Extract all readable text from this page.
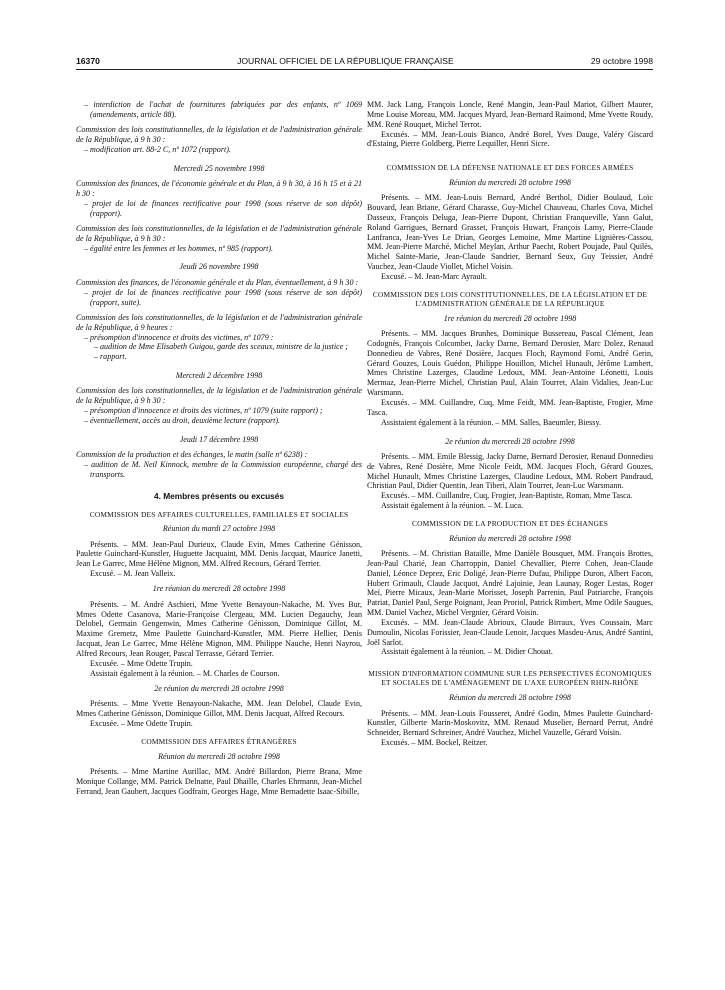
16370	JOURNAL OFFICIEL DE LA RÉPUBLIQUE FRANÇAISE	29 octobre 1998

– interdiction de l'achat de fournitures fabriquées par des enfants, nº 1069 (amendements, article 88).

Commission des lois constitutionnelles, de la législation et de l'administration générale de la République, à 9 h 30 :

– modification art. 88-2 C, nº 1072 (rapport).

Mercredi 25 novembre 1998

Commission des finances, de l'économie générale et du Plan, à 9 h 30, à 16 h 15 et à 21 h 30 :

– projet de loi de finances rectificative pour 1998 (sous réserve de son dépôt) (rapport).

Commission des lois constitutionnelles, de la législation et de l'administration générale de la République, à 9 h 30 :

– égalité entre les femmes et les hommes, nº 985 (rapport).

Jeudi 26 novembre 1998

Commission des finances, de l'économie générale et du Plan, éventuellement, à 9 h 30 :

– projet de loi de finances rectificative pour 1998 (sous réserve de son dépôt) (rapport, suite).

Commission des lois constitutionnelles, de la législation et de l'administration générale de la République, à 9 heures :

– présomption d'innocence et droits des victimes, nº 1079 :

– audition de Mme Elisabeth Guigou, garde des sceaux, ministre de la justice ;

– rapport.

Mercredi 2 décembre 1998

Commission des lois constitutionnelles, de la législation et de l'administration générale de la République, à 9 h 30 :

– présomption d'innocence et droits des victimes, nº 1079 (suite rapport) ;

– éventuellement, accès au droit, deuxième lecture (rapport).

Jeudi 17 décembre 1998

Commission de la production et des échanges, le matin (salle nº 6238) :

– audition de M. Neil Kinnock, membre de la Commission européenne, chargé des transports.

4. Membres présents ou excusés

COMMISSION DES AFFAIRES CULTURELLES, FAMILIALES ET SOCIALES

Réunion du mardi 27 octobre 1998

Présents. – MM. Jean-Paul Durieux, Claude Evin, Mmes Catherine Génisson, Paulette Guinchard-Kunstler, Huguette Jacquaint, MM. Denis Jacquat, Maurice Janetti, Jean Le Garrec, Mme Hélène Mignon, MM. Alfred Recours, Gérard Terrier.

Excusé. – M. Jean Valleix.

1re réunion du mercredi 28 octobre 1998

Présents. – M. André Aschieri, Mme Yvette Benayoun-Nakache, M. Yves Bur, Mmes Odette Casanova, Marie-Françoise Clergeau, MM. Lucien Degauchy, Jean Delobel, Germain Gengenwin, Mmes Catherine Génisson, Dominique Gillot, M. Maxime Gremetz, Mme Paulette Guinchard-Kunstler, MM. Pierre Hellier, Denis Jacquat, Jean Le Garrec, Mme Hélène Mignon, MM. Philippe Nauche, Henri Nayrou, Alfred Recours, Jean Rouger, Pascal Terrasse, Gérard Terrier.

Excusée. – Mme Odette Trupin.

Assistait également à la réunion. – M. Charles de Courson.

2e réunion du mercredi 28 octobre 1998

Présents. – Mme Yvette Benayoun-Nakache, MM. Jean Delobel, Claude Evin, Mmes Catherine Génisson, Dominique Gillot, MM. Denis Jacquat, Alfred Recours.

Excusée. – Mme Odette Trupin.

COMMISSION DES AFFAIRES ÉTRANGÈRES

Réunion du mercredi 28 octobre 1998

Présents. – Mme Martine Aurillac, MM. André Billardon, Pierre Brana, Mme Monique Collange, MM. Patrick Delnatte, Paul Dhaille, Charles Ehrmann, Jean-Michel Ferrand, Jean Gaubert, Jacques Godfrain, Georges Hage, Mme Bernadette Isaac-Sibille,

MM. Jack Lang, François Loncle, René Mangin, Jean-Paul Mariot, Gilbert Maurer, Mme Louise Moreau, MM. Jacques Myard, Jean-Bernard Raimond, Mme Yvette Roudy, MM. René Rouquet, Michel Terrot.

Excusés. – MM. Jean-Louis Bianco, André Borel, Yves Dauge, Valéry Giscard d'Estaing, Pierre Goldberg, Pierre Lequiller, Henri Sicre.

COMMISSION DE LA DÉFENSE NATIONALE ET DES FORCES ARMÉES

Réunion du mercredi 28 octobre 1998

Présents. – MM. Jean-Louis Bernard, André Berthol, Didier Boulaud, Loïc Bouvard, Jean Briane, Gérard Charasse, Guy-Michel Chauveau, Charles Cova, Michel Dasseux, François Deluga, Jean-Pierre Dupont, Christian Franqueville, Yann Galut, Roland Garrigues, Bernard Grasset, François Huwart, François Lamy, Pierre-Claude Lanfranca, Jean-Yves Le Drian, Georges Lemoine, Mme Martine Lignières-Cassou, MM. Jean-Pierre Marché, Michel Meylan, Arthur Paecht, Robert Poujade, Paul Quilès, Michel Sainte-Marie, Jean-Claude Sandrier, Bernard Seux, Guy Teissier, André Vauchez, Jean-Claude Viollet, Michel Voisin.

Excusé. – M. Jean-Marc Ayrault.

COMMISSION DES LOIS CONSTITUTIONNELLES, DE LA LÉGISLATION ET DE L'ADMINISTRATION GÉNÉRALE DE LA RÉPUBLIQUE

1re réunion du mercredi 28 octobre 1998

Présents. – MM. Jacques Brunhes, Dominique Bussereau, Pascal Clément, Jean Codognès, François Colcombet, Jacky Darne, Bernard Derosier, Marc Dolez, Renaud Donnedieu de Vabres, René Dosière, Jacques Floch, Raymond Forni, André Gerin, Gérard Gouzes, Louis Guédon, Philippe Houillon, Michel Hunault, Jérôme Lambert, Mmes Christine Lazerges, Claudine Ledoux, MM. Jean-Antoine Léonetti, Louis Mermaz, Jean-Pierre Michel, Christian Paul, Alain Tourret, Alain Vidalies, Jean-Luc Warsmann.

Excusés. – MM. Cuillandre, Cuq, Mme Feidt, MM. Jean-Baptiste, Frogier, Mme Tasca.

Assistaient également à la réunion. – MM. Salles, Baeumler, Biessy.

2e réunion du mercredi 28 octobre 1998

Présents. – MM. Emile Blessig, Jacky Darne, Bernard Derosier, Renaud Donnedieu de Vabres, René Dosière, Mme Nicole Feidt, MM. Jacques Floch, Gérard Gouzes, Michel Hunault, Mmes Christine Lazerges, Claudine Ledoux, MM. Robert Pandraud, Christian Paul, Didier Quentin, Jean Tiberi, Alain Tourret, Jean-Luc Warsmann.

Excusés. – MM. Cuillandre, Cuq, Frogier, Jean-Baptiste, Roman, Mme Tasca.

Assistait également à la réunion. – M. Luca.

COMMISSION DE LA PRODUCTION ET DES ÉCHANGES

Réunion du mercredi 28 octobre 1998

Présents. – M. Christian Bataille, Mme Danièle Bousquet, MM. François Brottes, Jean-Paul Charié, Jean Charroppin, Daniel Chevallier, Pierre Cohen, Jean-Claude Daniel, Léonce Deprez, Eric Doligé, Jean-Pierre Dufau, Philippe Duron, Albert Facon, Hubert Grimault, Claude Jacquot, André Lajoinie, Jean Launay, Roger Lestas, Roger Meï, Pierre Micaux, Jean-Marie Morisset, Joseph Parrenin, Paul Patriarche, François Patriat, Daniel Paul, Serge Poignant, Jean Proriol, Patrick Rimbert, Mme Odile Saugues, MM. Daniel Vachez, Michel Vergnier, Gérard Voisin.

Excusés. – MM. Jean-Claude Abrioux, Claude Birraux, Yves Coussain, Marc Dumoulin, Nicolas Forissier, Jean-Claude Lenoir, Jacques Masdeu-Arus, André Santini, Joël Sarlot.

Assistait également à la réunion. – M. Didier Chouat.

MISSION D'INFORMATION COMMUNE SUR LES PERSPECTIVES ÉCONOMIQUES ET SOCIALES DE L'AMÉNAGEMENT DE L'AXE EUROPÉEN RHIN-RHÔNE

Réunion du mercredi 28 octobre 1998

Présents. – MM. Jean-Louis Fousseret, André Godin, Mmes Paulette Guinchard-Kunstler, Gilberte Marin-Moskovitz, MM. Renaud Muselier, Bernard Perrut, André Schneider, Bernard Schreiner, André Vauchez, Michel Vauzelle, Gérard Voisin.

Excusés. – MM. Bockel, Reitzer.
